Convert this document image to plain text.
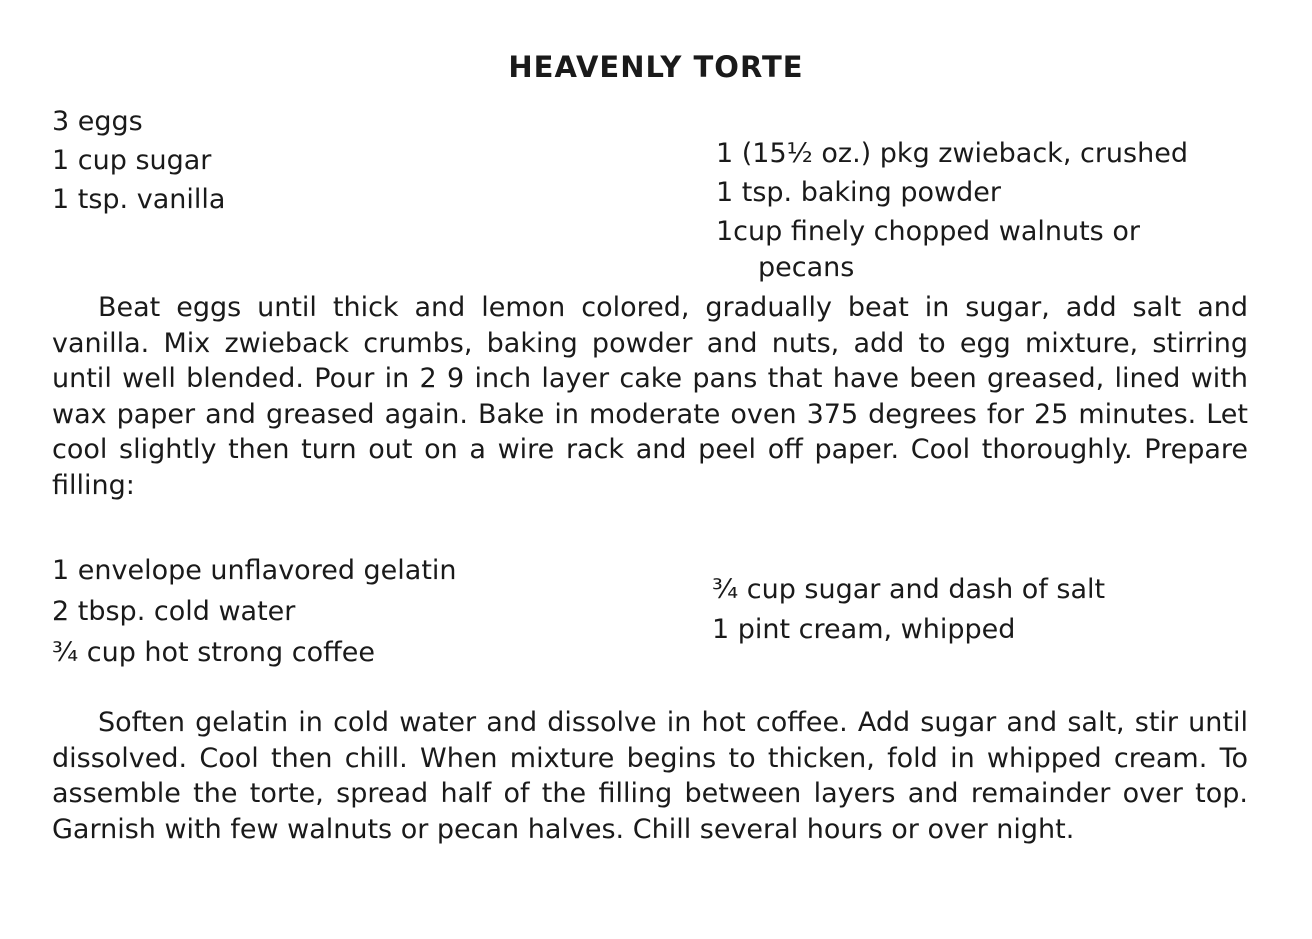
HEAVENLY TORTE
3 eggs
1 cup sugar
1 tsp. vanilla
1 (15½ oz.) pkg zwieback, crushed
1 tsp. baking powder
1cup finely chopped walnuts or
pecans

Beat eggs until thick and lemon colored, gradually beat in sugar, add salt and vanilla. Mix zwieback crumbs, baking powder and nuts, add to egg mixture, stirring until well blended. Pour in 2 9 inch layer cake pans that have been greased, lined with wax paper and greased again. Bake in moderate oven 375 degrees for 25 minutes. Let cool slightly then turn out on a wire rack and peel off paper. Cool thoroughly. Prepare filling:

1 envelope unflavored gelatin
2 tbsp. cold water
¾ cup hot strong coffee
¾ cup sugar and dash of salt
1 pint cream, whipped

Soften gelatin in cold water and dissolve in hot coffee. Add sugar and salt, stir until dissolved. Cool then chill. When mixture begins to thicken, fold in whipped cream. To assemble the torte, spread half of the filling between layers and remainder over top. Garnish with few walnuts or pecan halves. Chill several hours or over night.
